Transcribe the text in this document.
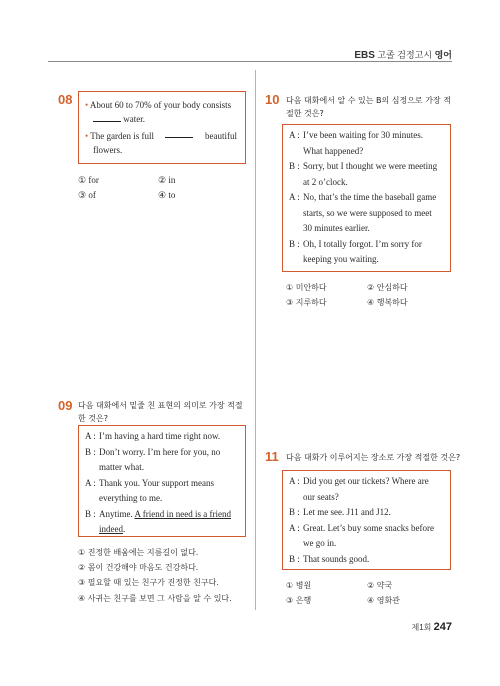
EBS 고졸 검정고시 영어
08 • About 60 to 70% of your body consists

water.

• The garden is full	beautiful

flowers.

① for	② in
③ of	④ to
09 다음 대화에서 밑줄 친 표현의 의미로 가장 적절
한 것은?
A : I’m having a hard time right now.
B : Don’t worry. I’m here for you, no
matter what.
A : Thank you. Your support means
everything to me.
B : Anytime. A friend in need is a friend
indeed.
① 진정한 배움에는 지름길이 없다.
② 몸이 건강해야 마음도 건강하다.
③ 필요할 때 있는 친구가 진정한 친구다.
④ 사귀는 친구를 보면 그 사람을 알 수 있다.
10 다음 대화에서 알 수 있는 B의 심정으로 가장 적
절한 것은?
A : I’ve been waiting for 30 minutes.
What happened?
B : Sorry, but I thought we were meeting
at 2 o’clock.
A : No, that’s the time the baseball game
starts, so we were supposed to meet
30 minutes earlier.
B : Oh, I totally forgot. I’m sorry for
keeping you waiting.
① 미안하다	② 안심하다
③ 지루하다	④ 행복하다
11 다음 대화가 이루어지는 장소로 가장 적절한 것은?
A : Did you get our tickets? Where are
our seats?
B : Let me see. J11 and J12.
A : Great. Let’s buy some snacks before
we go in.
B : That sounds good.
① 병원	② 약국
③ 은행	④ 영화관
제1회 247
